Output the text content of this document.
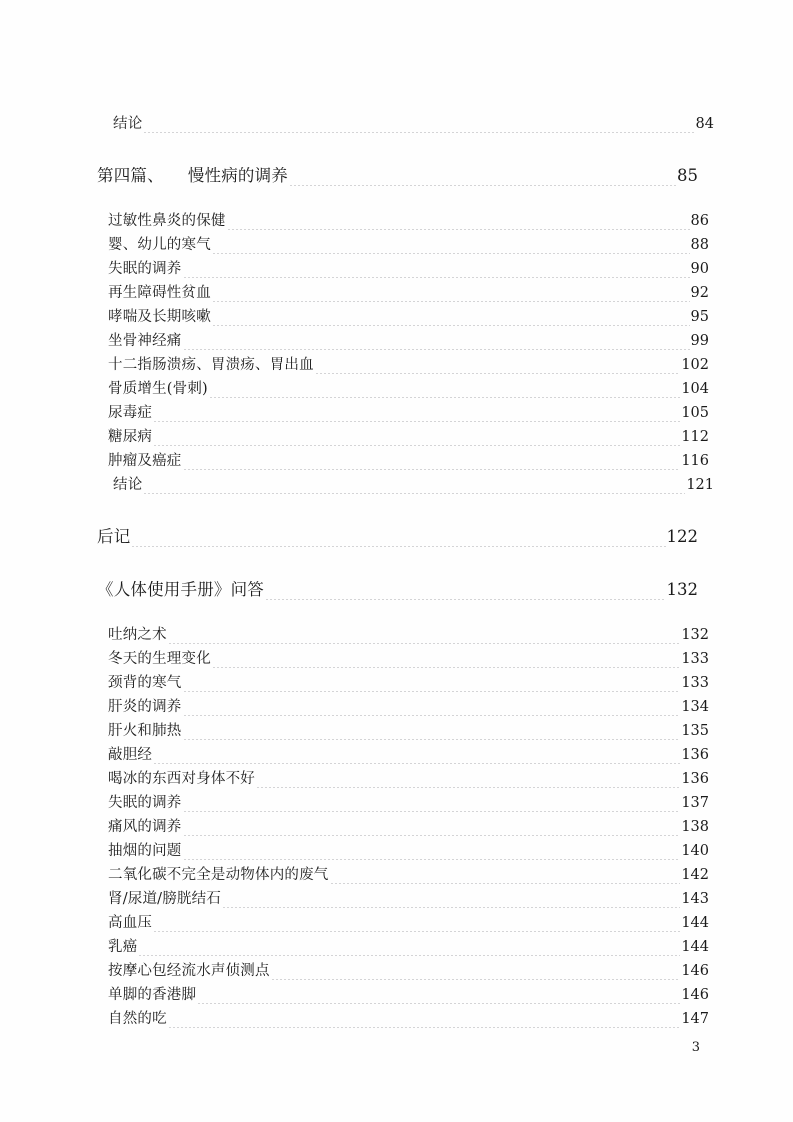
结论	84
第四篇、 慢性病的调养	85
过敏性鼻炎的保健	86
婴、幼儿的寒气	88
失眠的调养	90
再生障碍性贫血	92
哮喘及长期咳嗽	95
坐骨神经痛	99
十二指肠溃疡、胃溃疡、胃出血	102
骨质增生(骨刺)	104
尿毒症	105
糖尿病	112
肿瘤及癌症	116
结论	121
后记	122
《人体使用手册》问答	132
吐纳之术	132
冬天的生理变化	133
颈背的寒气	133
肝炎的调养	134
肝火和肺热	135
敲胆经	136
喝冰的东西对身体不好	136
失眠的调养	137
痛风的调养	138
抽烟的问题	140
二氧化碳不完全是动物体内的废气	142
肾/尿道/膀胱结石	143
高血压	144
乳癌	144
按摩心包经流水声侦测点	146
单脚的香港脚	146
自然的吃	147
3
